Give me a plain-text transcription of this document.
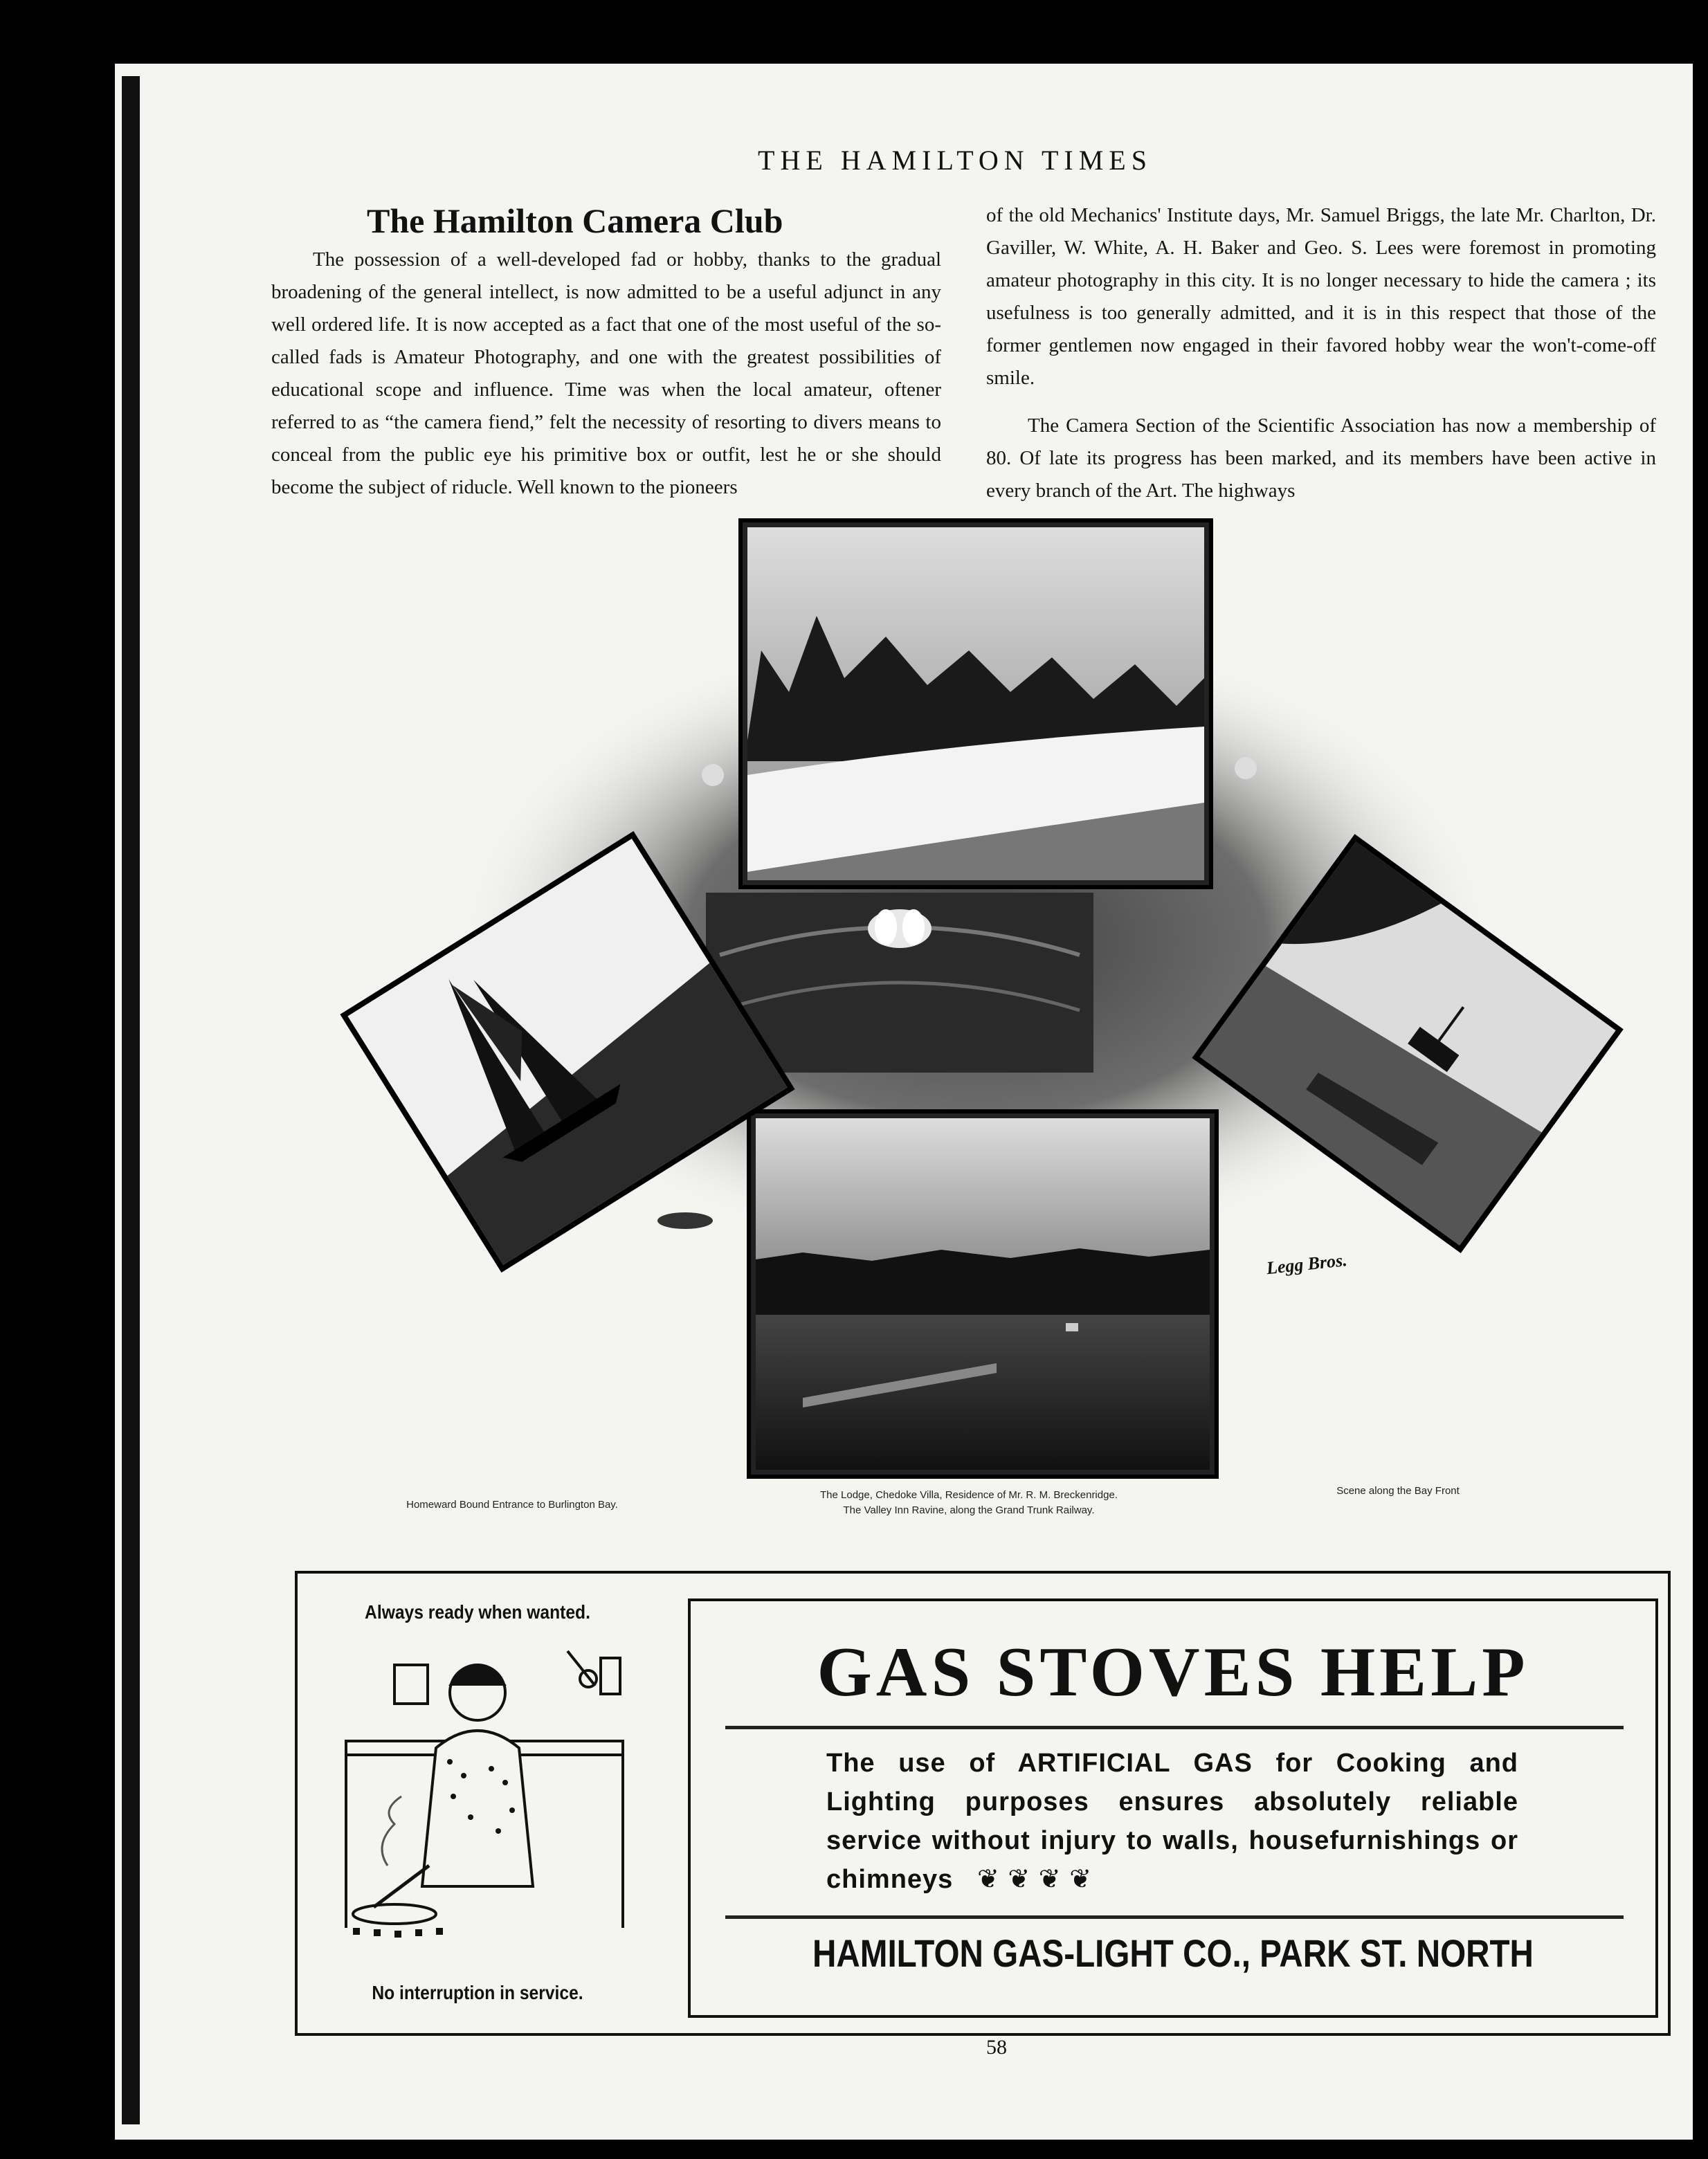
THE HAMILTON TIMES
The Hamilton Camera Club

The possession of a well-developed fad or hobby, thanks to the gradual broadening of the general intellect, is now admitted to be a useful adjunct in any well ordered life. It is now accepted as a fact that one of the most useful of the so-called fads is Amateur Photography, and one with the greatest possibilities of educational scope and influence. Time was when the local amateur, oftener referred to as “the camera fiend,” felt the necessity of resorting to divers means to conceal from the public eye his primitive box or outfit, lest he or she should become the subject of riducle. Well known to the pioneers

of the old Mechanics' Institute days, Mr. Samuel Briggs, the late Mr. Charlton, Dr. Gaviller, W. White, A. H. Baker and Geo. S. Lees were foremost in promoting amateur photography in this city. It is no longer necessary to hide the camera ; its usefulness is too generally admitted, and it is in this respect that those of the former gentlemen now engaged in their favored hobby wear the won't-come-off smile.

The Camera Section of the Scientific Association has now a membership of 80. Of late its progress has been marked, and its members have been active in every branch of the Art. The highways

Legg Bros.
Homeward Bound Entrance to Burlington Bay.
The Lodge, Chedoke Villa, Residence of Mr. R. M. Breckenridge.
The Valley Inn Ravine, along the Grand Trunk Railway.
Scene along the Bay Front
Always ready when wanted.
No interruption in service.
GAS STOVES HELP
The use of ARTIFICIAL GAS for Cooking and Lighting purposes ensures absolutely reliable service without injury to walls, housefurnishings or chimneys ❦ ❦ ❦ ❦
HAMILTON GAS-LIGHT CO., PARK ST. NORTH
58
